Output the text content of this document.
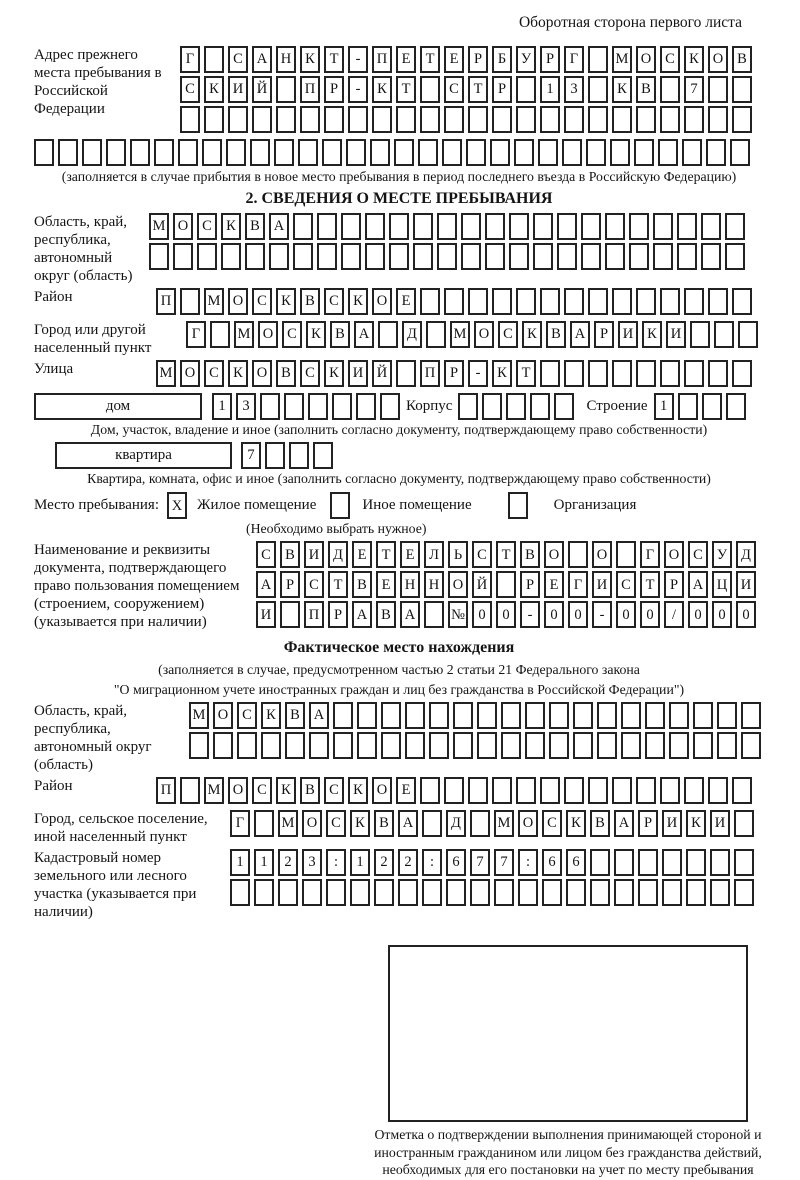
Оборотная сторона первого листа
Адрес прежнего места пребывания в Российской Федерации
Г	С А Н К	Т	-	П Е	Т	Е	Р	Б	У	Р	Г	М О С К О В
С К И Й	П	Р	-	К	Т	С	Т	Р	1	3	К В	7
(заполняется в случае прибытия в новое место пребывания в период последнего въезда в Российскую Федерацию)
2. СВЕДЕНИЯ О МЕСТЕ ПРЕБЫВАНИЯ
Область, край, республика, автономный округ (область)
М О С К В А
Район	П	М О С К В С К О Е
Город или другой населенный пункт
Г	М О С К В А	Д	М О С К В А	Р	И К И
Улица	М О С К О В С К И Й	П	Р	-	К	Т
дом	1	3	Корпус	Строение 1
Дом, участок, владение и иное (заполнить согласно документу, подтверждающему право собственности)
квартира	7
Квартира, комната, офис и иное (заполнить согласно документу, подтверждающему право собственности)
Место пребывания: X Жилое помещение	Иное помещение	Организация
(Необходимо выбрать нужное)
Наименование и реквизиты документа, подтверждающего право пользования помещением (строением, сооружением) (указывается при наличии)
С В И Д	Е	Т	Е	Л	Ь	С	Т	В О	О	Г	О С У Д
А	Р	С	Т	В	Е Н Н О Й	Р	Е	Г	И С	Т	Р	А Ц И
И	П	Р	А В А	№ 0	0	-	0	0	-	0	0	/	0	0	0
Фактическое место нахождения
(заполняется в случае, предусмотренном частью 2 статьи 21 Федерального закона
"О миграционном учете иностранных граждан и лиц без гражданства в Российской Федерации")
Область, край, республика, автономный округ (область)
М О С К В А
Район	П	М О С К В С К О Е
Город, сельское поселение, иной населенный пункт
Г	М О С К В А	Д	М О С К В А	Р	И К И
Кадастровый номер земельного или лесного участка (указывается при наличии)
1	1	2	3	:	1	2	2	:	6	7	7	:	6	6
Отметка о подтверждении выполнения принимающей стороной и иностранным гражданином или лицом без гражданства действий, необходимых для его постановки на учет по месту пребывания
